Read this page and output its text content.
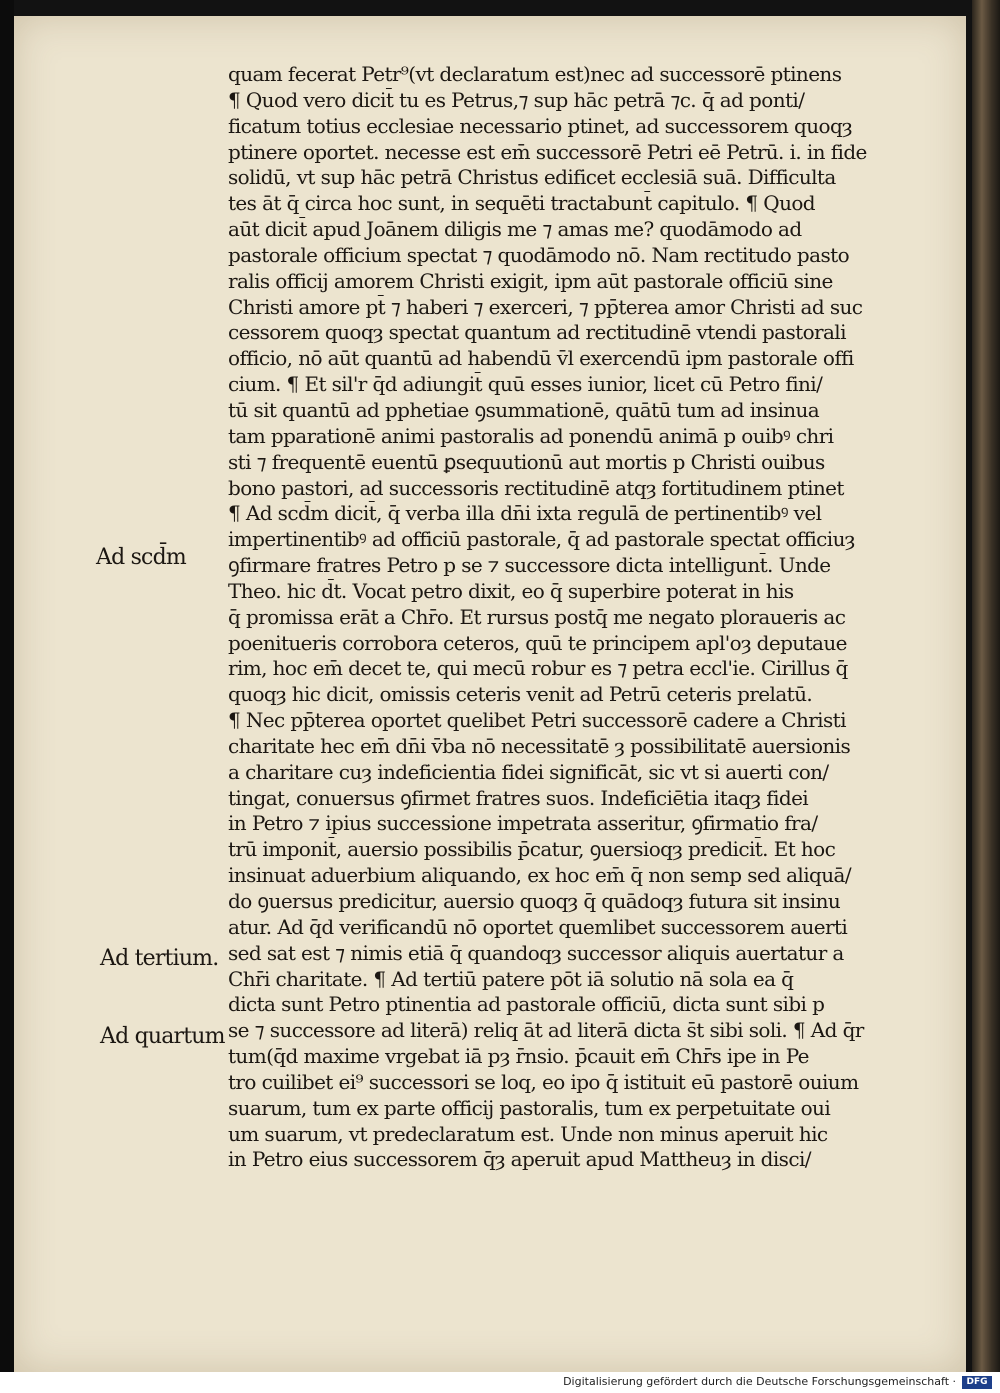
quam fecerat Petr⁹(vt declaratum est)nec ad successorē ptinens
¶ Quod vero dicit̄ tu es Petrus,⁊ sup hāc petrā ⁊c. q̄ ad ponti/
ficatum totius ecclesiae necessario ptinet, ad successorem quoqȝ
ptinere oportet. necesse est em̄ successorē Petri eē Petrū. i. in fide
solidū, vt sup hāc petrā Christus edificet ecclesiā suā. Difficulta
tes āt q̄ circa hoc sunt, in sequēti tractabunt̄ capitulo. ¶ Quod
aūt dicit̄ apud Joānem diligis me ⁊ amas me? quodāmodo ad
pastorale officium spectat ⁊ quodāmodo nō. Nam rectitudo pasto
ralis officij amorem Christi exigit, ipm aūt pastorale officiū sine
Christi amore pt̄ ⁊ haberi ⁊ exerceri, ⁊ pp̄terea amor Christi ad suc
cessorem quoqȝ spectat quantum ad rectitudinē vtendi pastorali
officio, nō aūt quantū ad habendū v̄l exercendū ipm pastorale offi
cium. ¶ Et sil'r q̄d adiungit̄ quū esses iunior, licet cū Petro fini/
tū sit quantū ad pphetiae ꝯsummationē, quātū tum ad insinua
tam pparationē animi pastoralis ad ponendū animā p ouibꝰ chri
sti ⁊ frequentē euentū ꝑsequutionū aut mortis p Christi ouibus
bono pastori, ad successoris rectitudinē atqȝ fortitudinem ptinet
¶ Ad scd̄m dicit̄, q̄ verba illa dn̄i ixta regulā de pertinentibꝰ vel
impertinentibꝰ ad officiū pastorale, q̄ ad pastorale spectat officiuȝ
ꝯfirmare fratres Petro p se ⁊ successore dicta intelligunt̄. Unde
Theo. hic d̄t. Vocat petro dixit, eo q̄ superbire poterat in his
q̄ promissa erāt a Chr̄o. Et rursus postq̄ me negato ploraueris ac
poenitueris corrobora ceteros, quū te principem apl'oȝ deputaue
rim, hoc em̄ decet te, qui mecū robur es ⁊ petra eccl'ie. Cirillus q̄
quoqȝ hic dicit, omissis ceteris venit ad Petrū ceteris prelatū.
¶ Nec pp̄terea oportet quelibet Petri successorē cadere a Christi
charitate hec em̄ dn̄i v̄ba nō necessitatē ȝ possibilitatē auersionis
a charitare cuȝ indeficientia fidei significāt, sic vt si auerti con/
tingat, conuersus ꝯfirmet fratres suos. Indeficiētia itaqȝ fidei
in Petro ⁊ ipius successione impetrata asseritur, ꝯfirmatio fra/
trū imponit̄, auersio possibilis p̄catur, ꝯuersioqȝ predicit̄. Et hoc
insinuat aduerbium aliquando, ex hoc em̄ q̄ non semp sed aliquā/
do ꝯuersus predicitur, auersio quoqȝ q̄ quādoqȝ futura sit insinu
atur. Ad q̄d verificandū nō oportet quemlibet successorem auerti
sed sat est ⁊ nimis etiā q̄ quandoqȝ successor aliquis auertatur a
Chr̄i charitate. ¶ Ad tertiū patere pōt iā solutio nā sola ea q̄
dicta sunt Petro ptinentia ad pastorale officiū, dicta sunt sibi p
se ⁊ successore ad literā) reliq āt ad literā dicta s̄t sibi soli. ¶ Ad q̄r
tum(q̄d maxime vrgebat iā pȝ r̄nsio. p̄cauit em̄ Chr̄s ipe in Pe
tro cuilibet ei⁹ successori se loq, eo ipo q̄ istituit eū pastorē ouium
suarum, tum ex parte officij pastoralis, tum ex perpetuitate oui
um suarum, vt predeclaratum est. Unde non minus aperuit hic
in Petro eius successorem q̄ȝ aperuit apud Mattheuȝ in disci/
Ad scd̄m
Ad tertium.
Ad quartum
Digitalisierung gefördert durch die Deutsche Forschungsgemeinschaft ·	DFG
